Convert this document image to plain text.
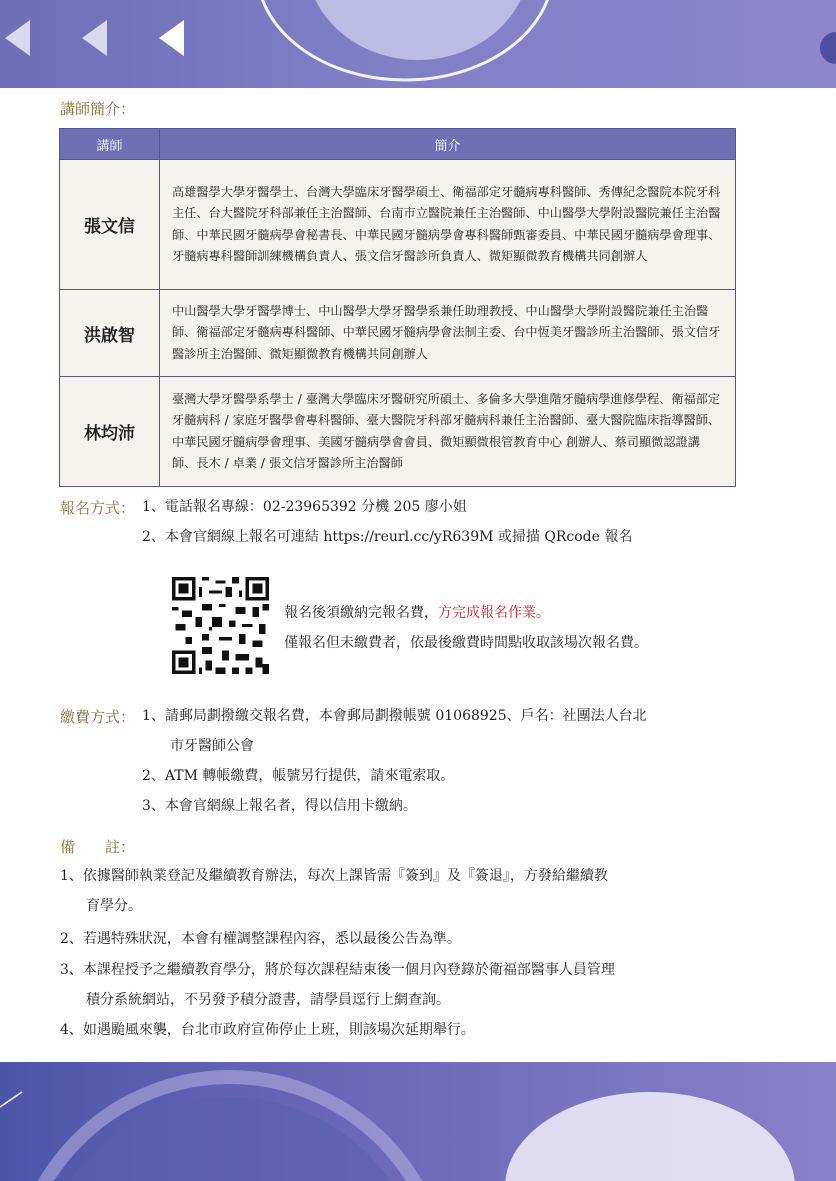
講師簡介：
講師	簡介
張文信	高雄醫學大學牙醫學士、台灣大學臨床牙醫學碩士、衛福部定牙髓病專科醫師、秀傳紀念醫院本院牙科主任、台大醫院牙科部兼任主治醫師、台南市立醫院兼任主治醫師、中山醫學大學附設醫院兼任主治醫師、中華民國牙髓病學會秘書長、中華民國牙髓病學會專科醫師甄審委員、中華民國牙髓病學會理事、牙髓病專科醫師訓練機構負責人、張文信牙醫診所負責人、微矩顯微教育機構共同創辦人
洪啟智	中山醫學大學牙醫學博士、中山醫學大學牙醫學系兼任助理教授、中山醫學大學附設醫院兼任主治醫師、衛福部定牙髓病專科醫師、中華民國牙髓病學會法制主委、台中恆美牙醫診所主治醫師、張文信牙醫診所主治醫師、微矩顯微教育機構共同創辦人
林均沛	臺灣大學牙醫學系學士 / 臺灣大學臨床牙醫研究所碩士、多倫多大學進階牙髓病學進修學程、衛福部定牙髓病科 / 家庭牙醫學會專科醫師、臺大醫院牙科部牙髓病科兼任主治醫師、臺大醫院臨床指導醫師、中華民國牙髓病學會理事、美國牙髓病學會會員、微矩顯微根管教育中心 創辦人、蔡司顯微認證講師、長木 / 卓業 / 張文信牙醫診所主治醫師
報名方式： 1、電話報名專線：02-23965392 分機 205 廖小姐
2、本會官網線上報名可連結 https://reurl.cc/yR639M 或掃描 QRcode 報名
報名後須繳納完報名費，方完成報名作業。
僅報名但未繳費者，依最後繳費時間點收取該場次報名費。
繳費方式： 1、請郵局劃撥繳交報名費，本會郵局劃撥帳號 01068925、戶名：社團法人台北
市牙醫師公會
2、ATM 轉帳繳費，帳號另行提供，請來電索取。
3、本會官網線上報名者，得以信用卡繳納。
備　　註：
1、依據醫師執業登記及繼續教育辦法，每次上課皆需『簽到』及『簽退』，方發給繼續教
育學分。
2、若遇特殊狀況，本會有權調整課程內容，悉以最後公告為準。
3、本課程授予之繼續教育學分，將於每次課程結束後一個月內登錄於衛福部醫事人員管理
積分系統網站，不另發予積分證書，請學員逕行上網查詢。
4、如遇颱風來襲，台北市政府宣佈停止上班，則該場次延期舉行。
